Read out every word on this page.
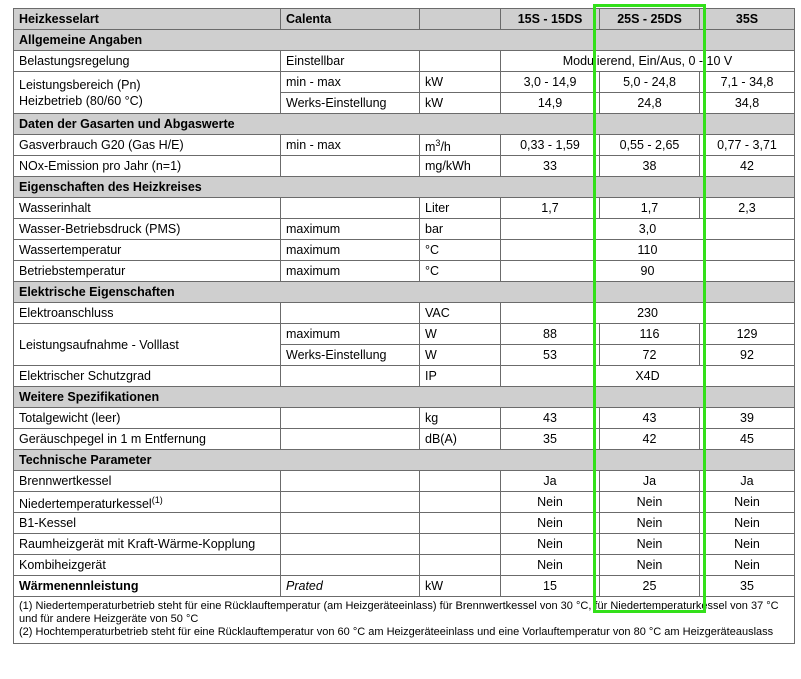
Heizkesselart	Calenta		15S - 15DS	25S - 25DS	35S
Allgemeine Angaben					
Belastungsregelung	Einstellbar		Modulierend, Ein/Aus, 0 - 10 V		

Leistungsbereich (Pn)
Heizbetrieb (80/60 °C)	min - max	kW	3,0 - 14,9	5,0 - 24,8	7,1 - 34,8
	Werks-Einstellung	kW	14,9	24,8	34,8
Daten der Gasarten und Abgaswerte					
Gasverbrauch G20 (Gas H/E)	min - max	$m^3/h$	0,33 - 1,59	0,55 - 2,65	0,77 - 3,71
NOx-Emission pro Jahr (n=1)		mg/kWh	33	38	42
Eigenschaften des Heizkreises					
Wasserinhalt		Liter	1,7	1,7	2,3
Wasser-Betriebsdruck (PMS)	maximum	bar	3,0		
Wassertemperatur	maximum	°C	110		
Betriebstemperatur	maximum	°C	90		
Elektrische Eigenschaften					
Elektroanschluss		VAC	230		
Leistungsaufnahme - Volllast	maximum	W	88	116	129
	Werks-Einstellung	W	53	72	92
Elektrischer Schutzgrad		IP	X4D		
Weitere Spezifikationen					
Totalgewicht (leer)		kg	43	43	39
Geräuschpegel in 1 m Entfernung		dB(A)	35	42	45
Technische Parameter					
Brennwertkessel			Ja	Ja	Ja
Niedertemperaturkessel$^{(1)}$			Nein	Nein	Nein
B1-Kessel			Nein	Nein	Nein
Raumheizgerät mit Kraft-Wärme-Kopplung			Nein	Nein	Nein
Kombiheizgerät			Nein	Nein	Nein
Wärmenennleistung	Prated	kW	15	25	35

(1) Niedertemperaturbetrieb steht für eine Rücklauftemperatur (am Heizgeräteeinlass) für Brennwertkessel von 30 °C, für Niedertemperaturkessel von 37 °C und für andere Heizgeräte von 50 °C
(2) Hochtemperaturbetrieb steht für eine Rücklauftemperatur von 60 °C am Heizgeräteeinlass und eine Vorlauftemperatur von 80 °C am Heizgeräteauslass					
